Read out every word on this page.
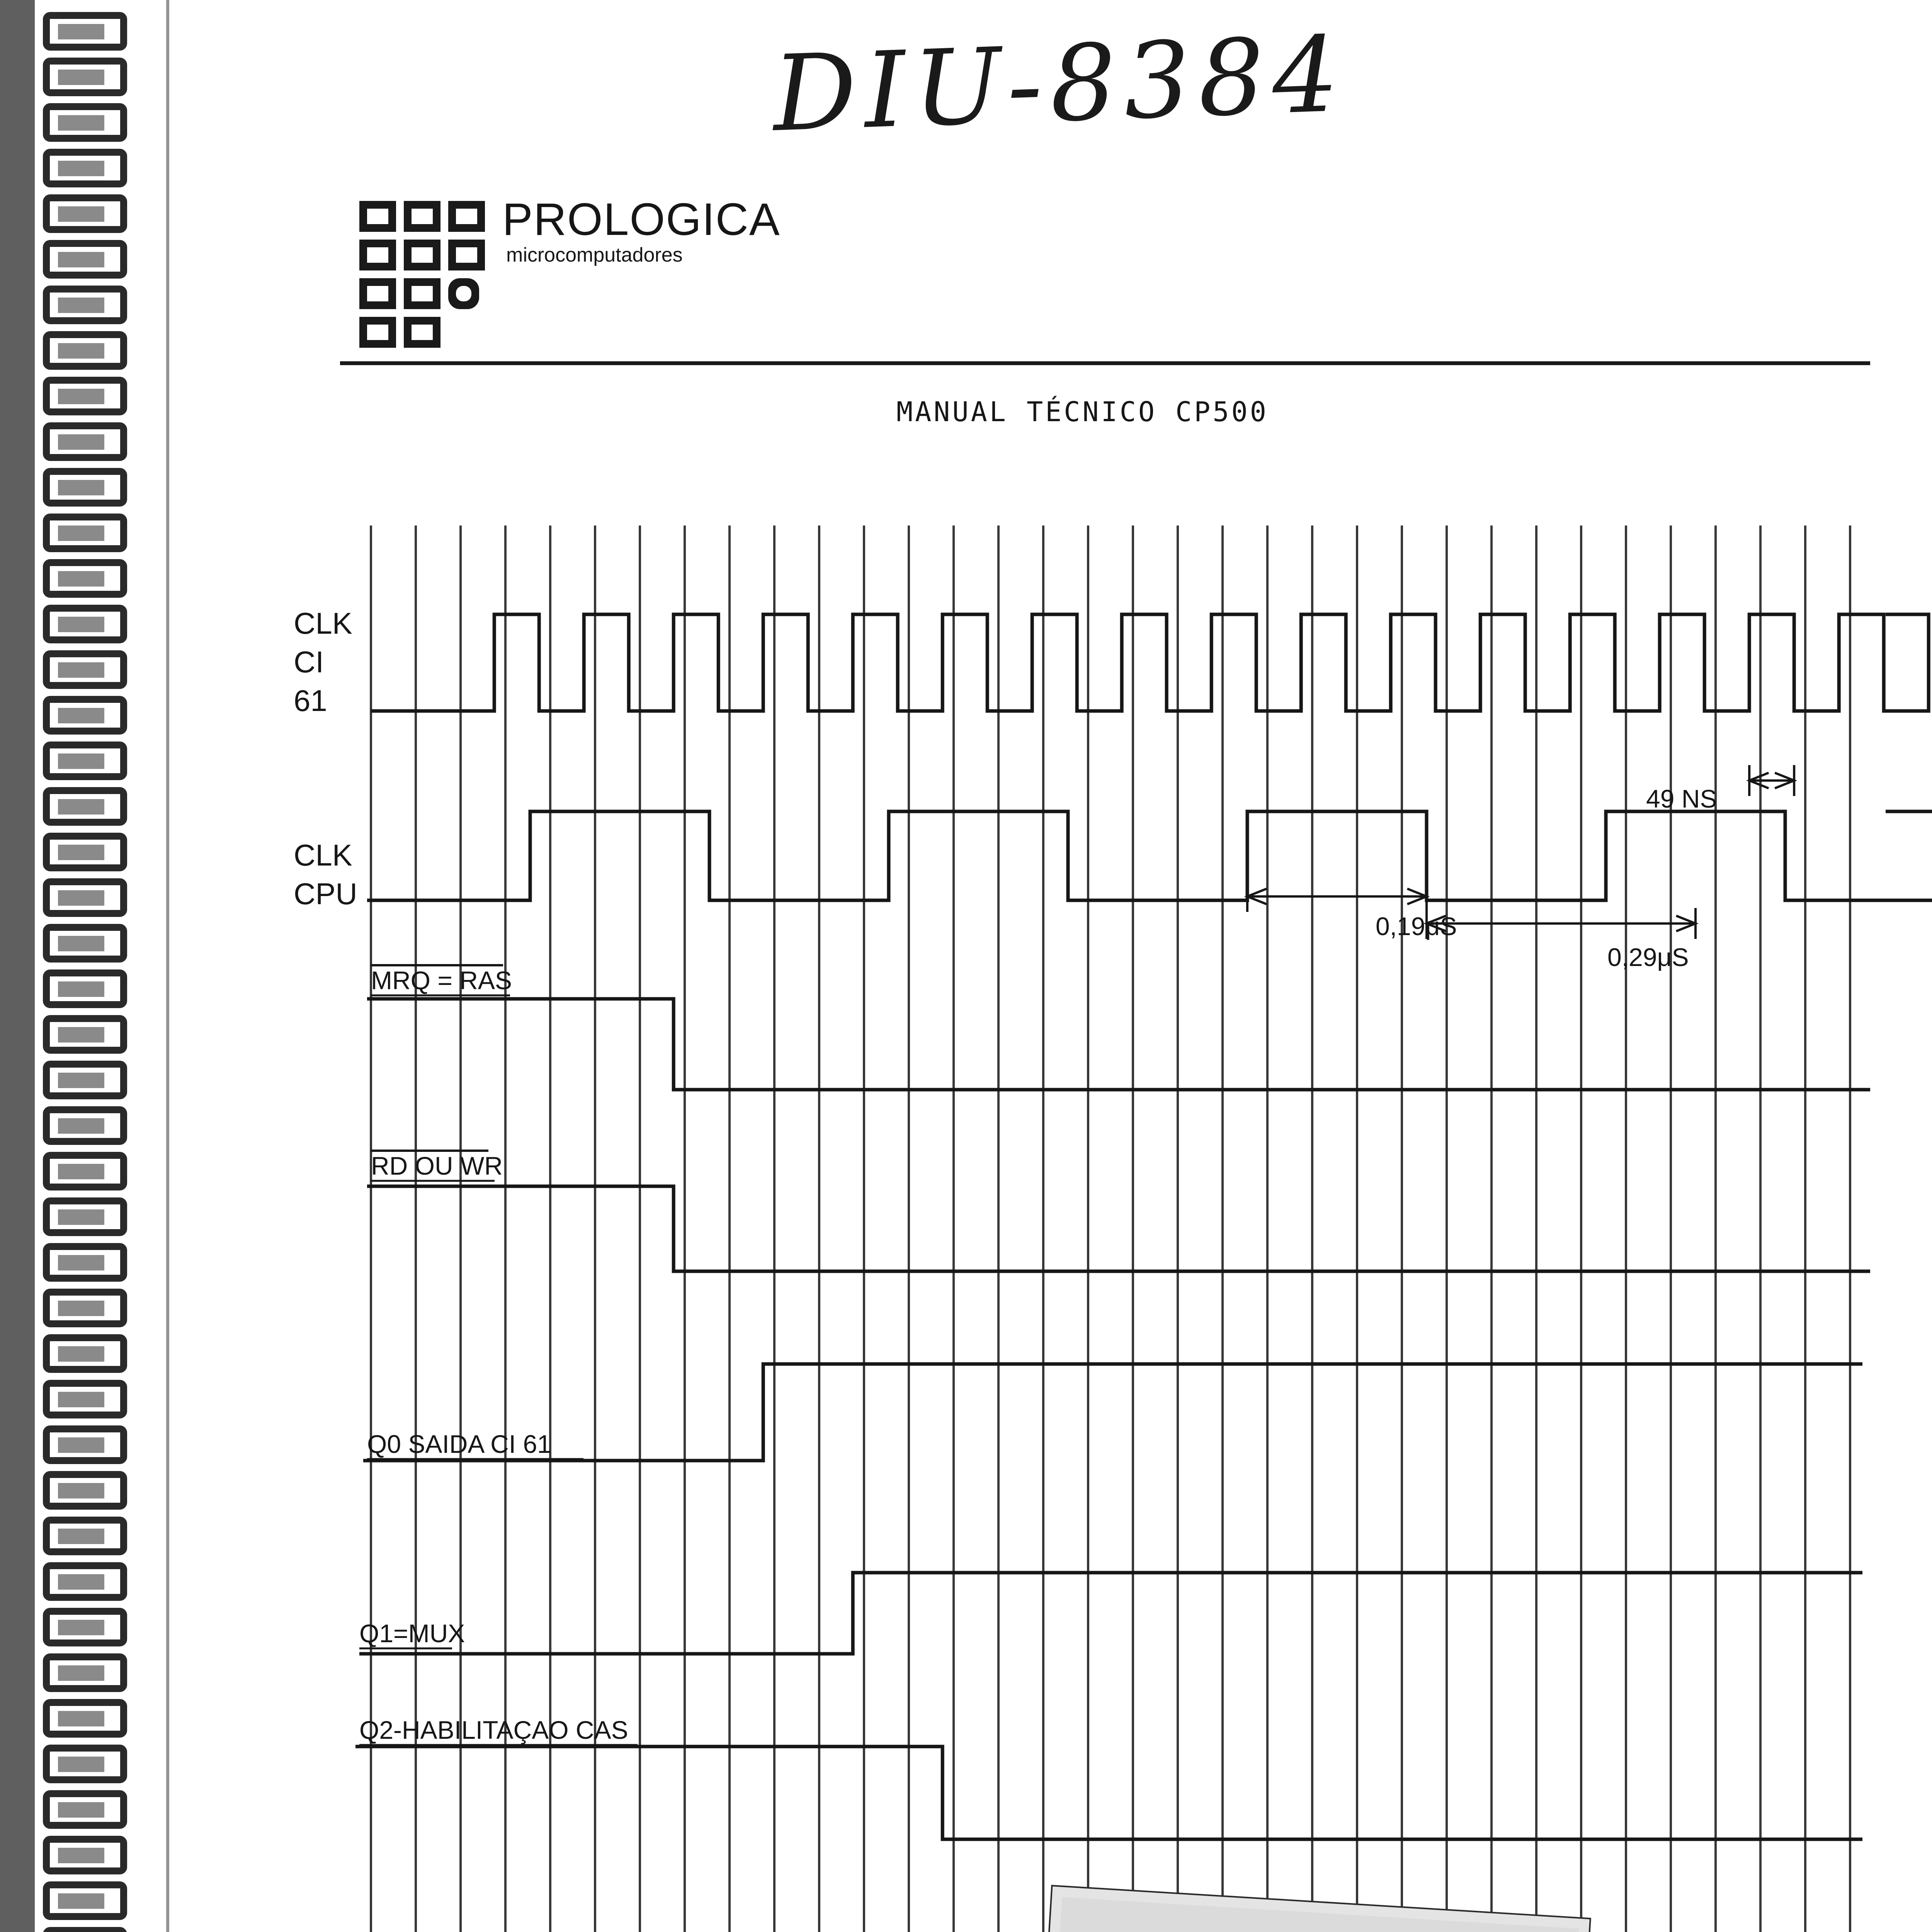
DIU-8384
PROLOGICA
microcomputadores
MANUAL TÉCNICO CP500
CLK
CI
61
CLK
CPU
MRQ = RAS
RD OU WR
Q0 SAIDA CI 61
Q1=MUX
Q2-HABILITAÇAO CAS
49 NS
0,19μS
0,29μS
